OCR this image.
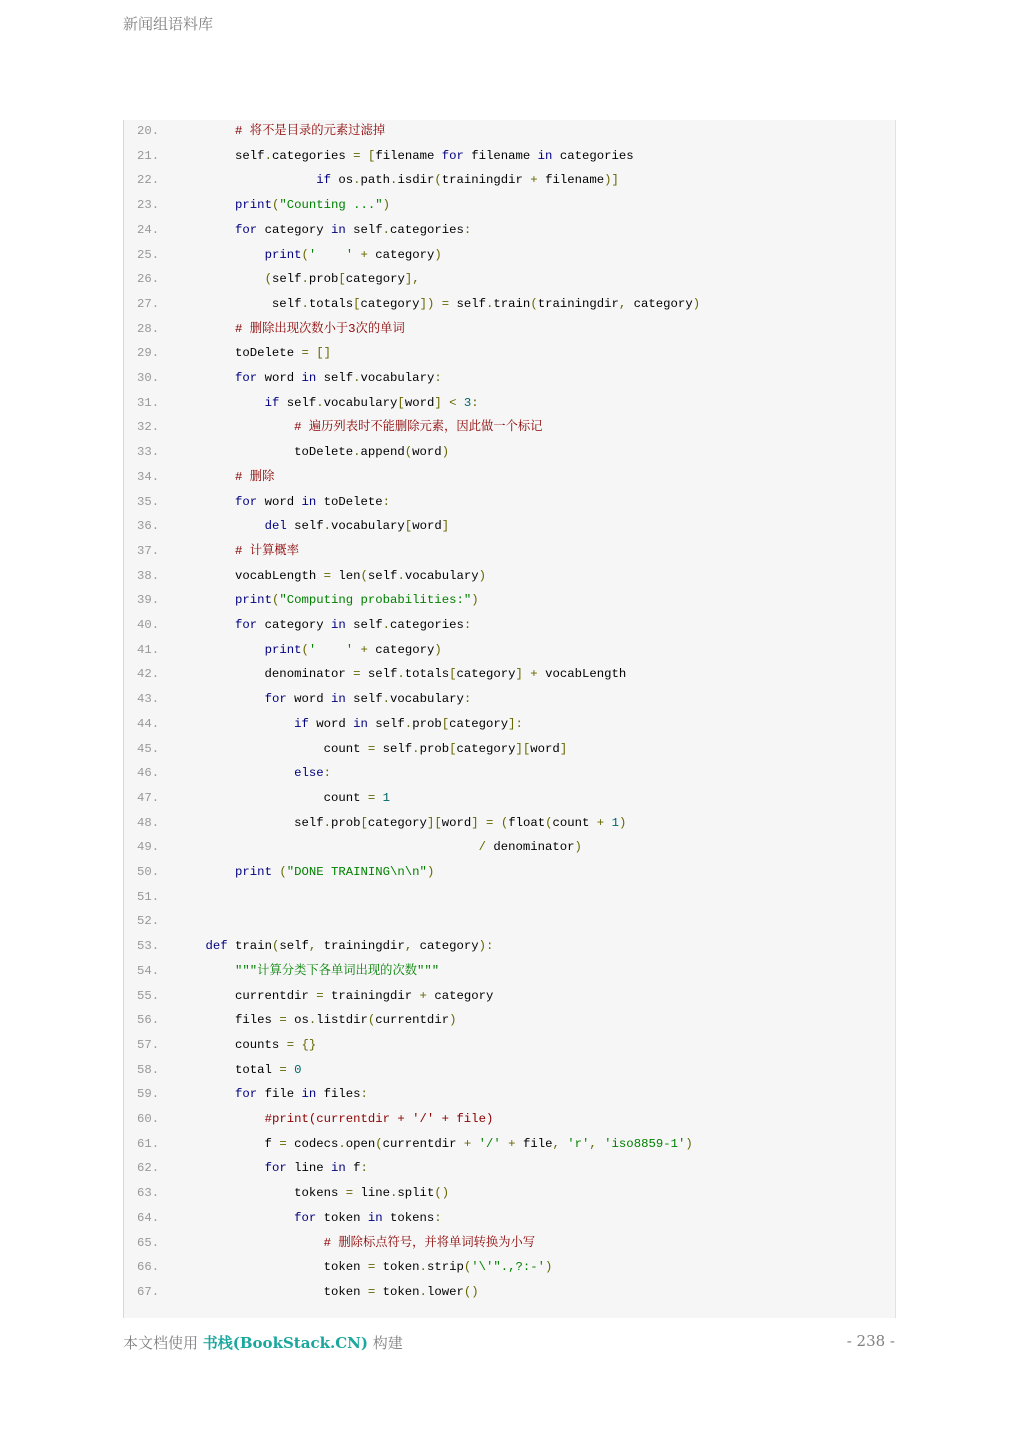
新闻组语料库
20.	# 将不是目录的元素过滤掉
21.        self.categories = [filename for filename in categories
22.	if os.path.isdir(trainingdir + filename)]
23.	print("Counting ...")
24.	for category in self.categories:
25.	print('    ' + category)
26.	(self.prob[category],
27.             self.totals[category]) = self.train(trainingdir, category)
28.	# 删除出现次数小于3次的单词
29.        toDelete = []
30.	for word in self.vocabulary:
31.	if self.vocabulary[word] < 3:
32.	# 遍历列表时不能删除元素，因此做一个标记
33.                toDelete.append(word)
34.	# 删除
35.	for word in toDelete:
36.	del self.vocabulary[word]
37.	# 计算概率
38.        vocabLength = len(self.vocabulary)
39.	print("Computing probabilities:")
40.	for category in self.categories:
41.	print('    ' + category)
42.            denominator = self.totals[category] + vocabLength
43.	for word in self.vocabulary:
44.	if word in self.prob[category]:
45.                    count = self.prob[category][word]
46.	else:
47.                    count = 1
48.                self.prob[category][word] = (float(count + 1)
49.	/ denominator)
50.	print ("DONE TRAINING\n\n")
51.
52.
53.	def train(self, trainingdir, category):
54.	"""计算分类下各单词出现的次数"""
55.        currentdir = trainingdir + category
56.        files = os.listdir(currentdir)
57.        counts = {}
58.        total = 0
59.	for file in files:
60.	#print(currentdir + '/' + file)
61.            f = codecs.open(currentdir + '/' + file, 'r', 'iso8859-1')
62.	for line in f:
63.                tokens = line.split()
64.	for token in tokens:
65.	# 删除标点符号，并将单词转换为小写
66.                    token = token.strip('\'".,?:-')
67.                    token = token.lower()
本文档使用 书栈(BookStack.CN) 构建	- 238 -
